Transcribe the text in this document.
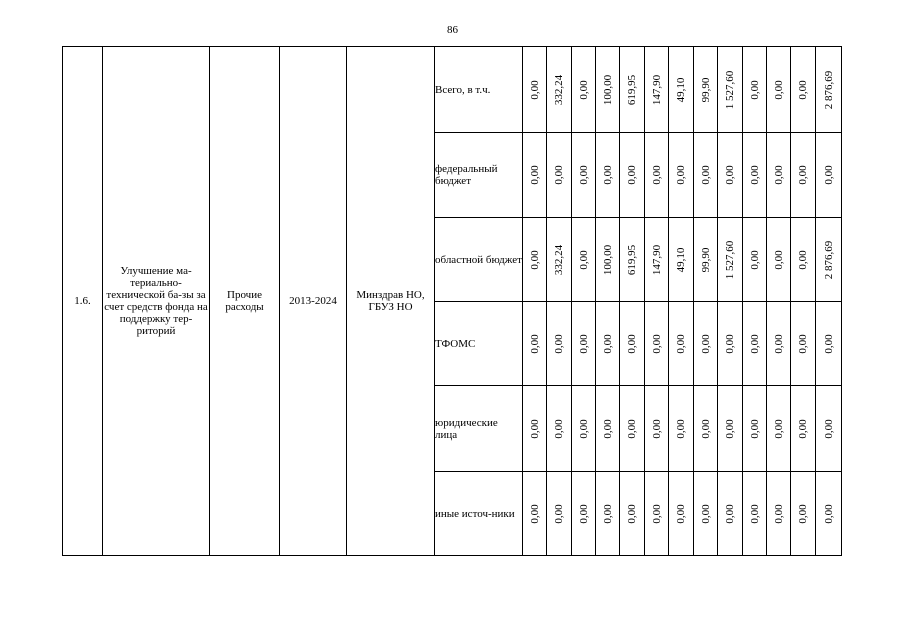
86
1.6.	Улучшение ма-териально-технической ба-зы за счет средств фонда на поддержку тер-риторий	Прочие расходы	2013-2024	Минздрав НО, ГБУЗ НО	Всего, в т.ч.	0,00	332,24	0,00	100,00	619,95	147,90	49,10	99,90	1 527,60	0,00	0,00	0,00	2 876,69

					федеральный бюджет	0,00	0,00	0,00	0,00	0,00	0,00	0,00	0,00	0,00	0,00	0,00	0,00	0,00

					областной бюджет	0,00	332,24	0,00	100,00	619,95	147,90	49,10	99,90	1 527,60	0,00	0,00	0,00	2 876,69

					ТФОМС	0,00	0,00	0,00	0,00	0,00	0,00	0,00	0,00	0,00	0,00	0,00	0,00	0,00

					юридические лица	0,00	0,00	0,00	0,00	0,00	0,00	0,00	0,00	0,00	0,00	0,00	0,00	0,00

					иные источ-ники	0,00	0,00	0,00	0,00	0,00	0,00	0,00	0,00	0,00	0,00	0,00	0,00	0,00
